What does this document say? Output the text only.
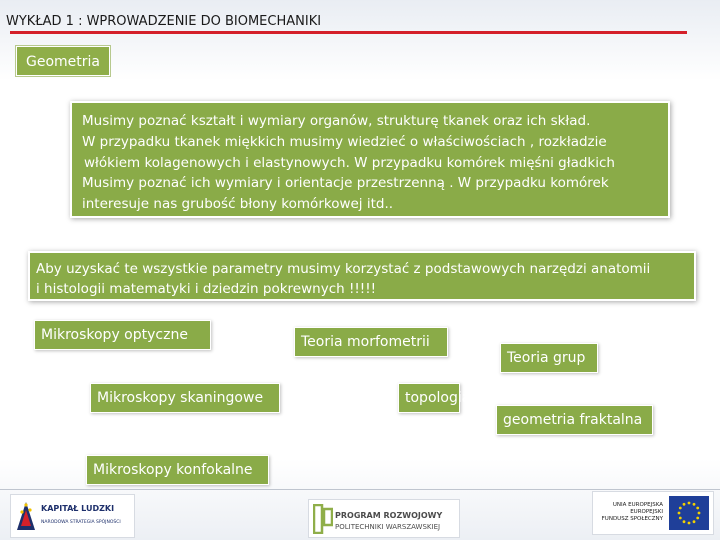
WYKŁAD 1 : WPROWADZENIE DO BIOMECHANIKI
Geometria
Musimy poznać kształt i wymiary organów, strukturę tkanek oraz ich skład.
W przypadku tkanek miękkich musimy wiedzieć o właściwościach , rozkładzie
włókiem kolagenowych i elastynowych. W przypadku komórek mięśni gładkich
Musimy poznać ich wymiary i orientacje przestrzenną . W przypadku komórek
interesuje nas grubość błony komórkowej itd..
Aby uzyskać te wszystkie parametry musimy korzystać z podstawowych narzędzi anatomii
i histologii matematyki i dziedzin pokrewnych !!!!!
Mikroskopy optyczne
Mikroskopy skaningowe
Mikroskopy konfokalne
Teoria morfometrii
topologia
Teoria grup
geometria fraktalna
KAPITAŁ LUDZKI
NARODOWA STRATEGIA SPÓJNOŚCI
PROGRAM ROZWOJOWY
POLITECHNIKI WARSZAWSKIEJ
UNIA EUROPEJSKA
EUROPEJSKI
FUNDUSZ SPOŁECZNY
